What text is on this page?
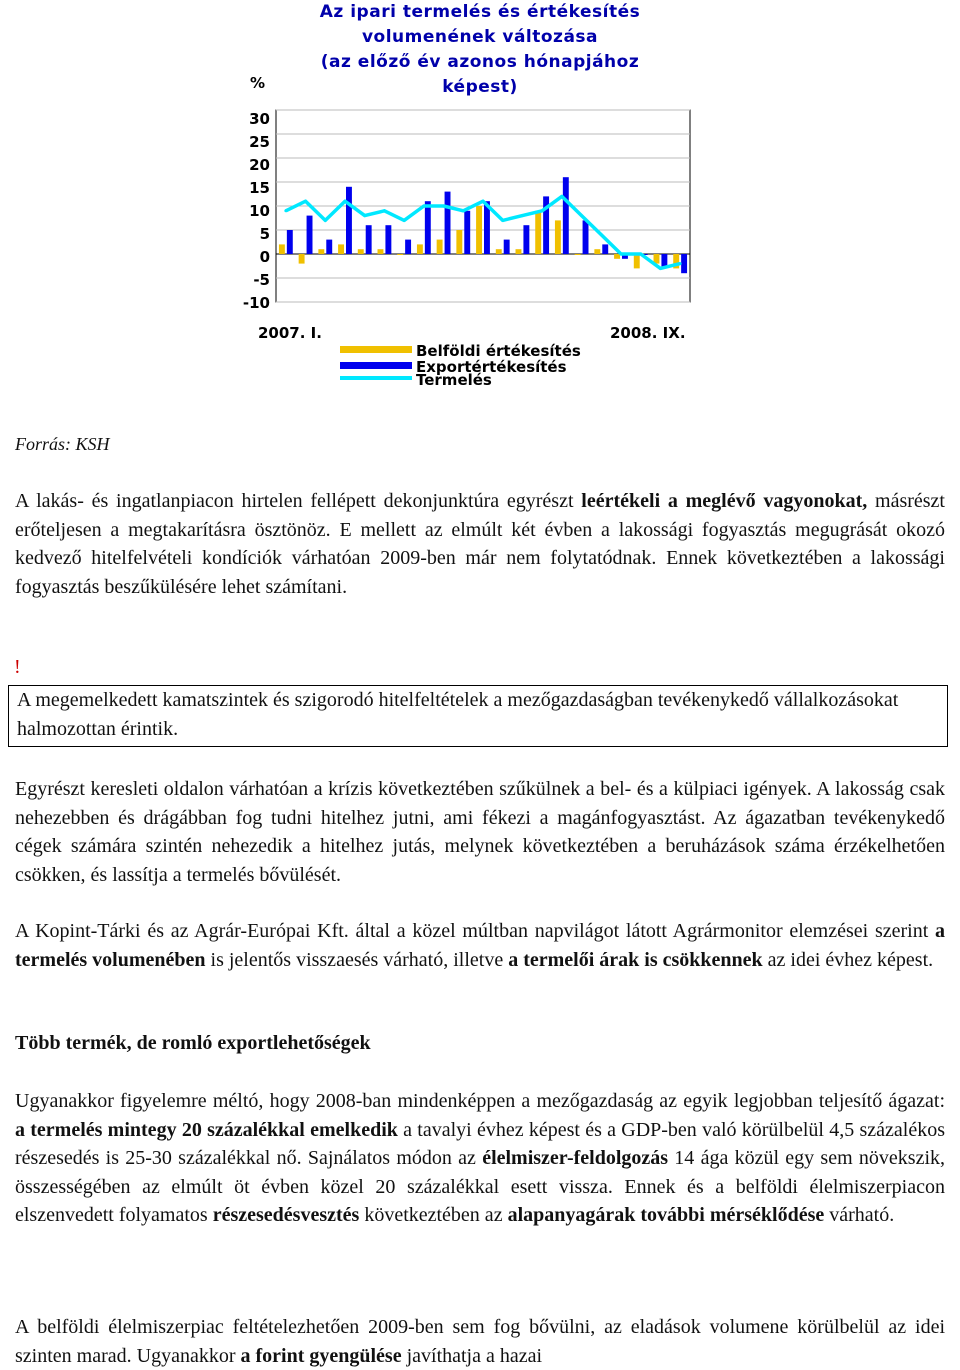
Az ipari termelés és értékesítés
volumenének változása
(az előző év azonos hónapjához
képest)
%
30
25
20
15
10
5
0
-5
-10
2007. I.	2008. IX.
Belföldi értékesítés
Exportértékesítés
Termelés
Forrás: KSH

A lakás- és ingatlanpiacon hirtelen fellépett dekonjunktúra egyrészt leértékeli a meglévő vagyonokat, másrészt erőteljesen a megtakarításra ösztönöz. E mellett az elmúlt két évben a lakossági fogyasztás megugrását okozó kedvező hitelfelvételi kondíciók várhatóan 2009-ben már nem folytatódnak. Ennek következtében a lakossági fogyasztás beszűkülésére lehet számítani.

!
A megemelkedett kamatszintek és szigorodó hitelfeltételek a mezőgazdaságban tevékenykedő vállalkozásokat halmozottan érintik.

Egyrészt keresleti oldalon várhatóan a krízis következtében szűkülnek a bel- és a külpiaci igények. A lakosság csak nehezebben és drágábban fog tudni hitelhez jutni, ami fékezi a magánfogyasztást. Az ágazatban tevékenykedő cégek számára szintén nehezedik a hitelhez jutás, melynek következtében a beruházások száma érzékelhetően csökken, és lassítja a termelés bővülését.

A Kopint-Tárki és az Agrár-Európai Kft. által a közel múltban napvilágot látott Agrármonitor elemzései szerint a termelés volumenében is jelentős visszaesés várható, illetve a termelői árak is csökkennek az idei évhez képest.

Több termék, de romló exportlehetőségek

Ugyanakkor figyelemre méltó, hogy 2008-ban mindenképpen a mezőgazdaság az egyik legjobban teljesítő ágazat: a termelés mintegy 20 százalékkal emelkedik a tavalyi évhez képest és a GDP-ben való körülbelül 4,5 százalékos részesedés is 25-30 százalékkal nő. Sajnálatos módon az élelmiszer-feldolgozás 14 ága közül egy sem növekszik, összességében az elmúlt öt évben közel 20 százalékkal esett vissza. Ennek és a belföldi élelmiszerpiacon elszenvedett folyamatos részesedésvesztés következtében az alapanyagárak további mérséklődése várható.

A belföldi élelmiszerpiac feltételezhetően 2009-ben sem fog bővülni, az eladások volumene körülbelül az idei szinten marad. Ugyanakkor a forint gyengülése javíthatja a hazai
